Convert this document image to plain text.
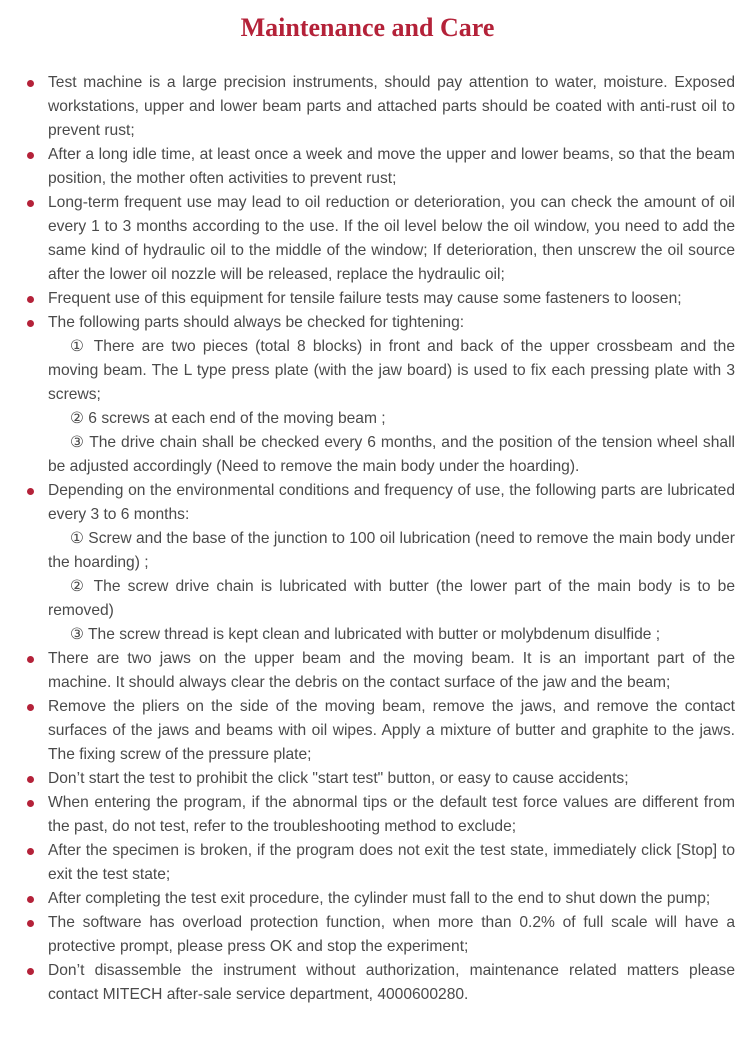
Maintenance and Care

Test machine is a large precision instruments, should pay attention to water, moisture. Exposed workstations, upper and lower beam parts and attached parts should be coated with anti-rust oil to prevent rust;

After a long idle time, at least once a week and move the upper and lower beams, so that the beam position, the mother often activities to prevent rust;

Long-term frequent use may lead to oil reduction or deterioration, you can check the amount of oil every 1 to 3 months according to the use. If the oil level below the oil window, you need to add the same kind of hydraulic oil to the middle of the window; If deterioration, then unscrew the oil source after the lower oil nozzle will be released, replace the hydraulic oil;

Frequent use of this equipment for tensile failure tests may cause some fasteners to loosen;

The following parts should always be checked for tightening:

① There are two pieces (total 8 blocks) in front and back of the upper crossbeam and the moving beam. The L type press plate (with the jaw board) is used to fix each pressing plate with 3 screws;

② 6 screws at each end of the moving beam ;

③ The drive chain shall be checked every 6 months, and the position of the tension wheel shall be adjusted accordingly (Need to remove the main body under the hoarding).

Depending on the environmental conditions and frequency of use, the following parts are lubricated every 3 to 6 months:

① Screw and the base of the junction to 100 oil lubrication (need to remove the main body under the hoarding) ;

② The screw drive chain is lubricated with butter (the lower part of the main body is to be removed)

③ The screw thread is kept clean and lubricated with butter or molybdenum disulfide ;

There are two jaws on the upper beam and the moving beam. It is an important part of the machine. It should always clear the debris on the contact surface of the jaw and the beam;

Remove the pliers on the side of the moving beam, remove the jaws, and remove the contact surfaces of the jaws and beams with oil wipes. Apply a mixture of butter and graphite to the jaws. The fixing screw of the pressure plate;

Don’t start the test to prohibit the click "start test" button, or easy to cause accidents;

When entering the program, if the abnormal tips or the default test force values are different from the past, do not test, refer to the troubleshooting method to exclude;

After the specimen is broken, if the program does not exit the test state, immediately click [Stop] to exit the test state;

After completing the test exit procedure, the cylinder must fall to the end to shut down the pump;

The software has overload protection function, when more than 0.2% of full scale will have a protective prompt, please press OK and stop the experiment;

Don’t disassemble the instrument without authorization, maintenance related matters please contact MITECH after-sale service department, 4000600280.
